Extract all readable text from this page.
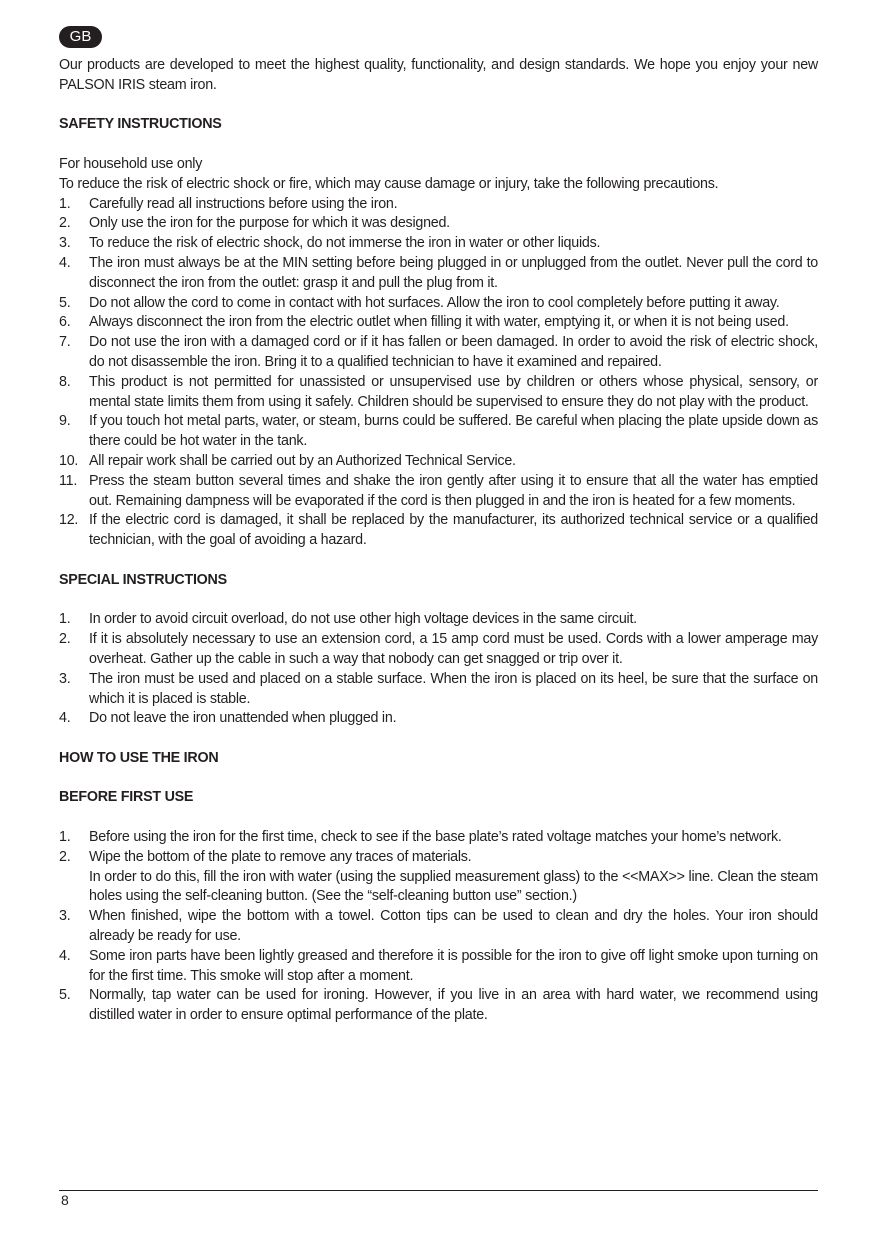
GB

Our products are developed to meet the highest quality, functionality, and design standards. We hope you enjoy your new PALSON IRIS steam iron.

SAFETY INSTRUCTIONS

For household use only

To reduce the risk of electric shock or fire, which may cause damage or injury, take the following precautions.

1. Carefully read all instructions before using the iron.
2. Only use the iron for the purpose for which it was designed.
3. To reduce the risk of electric shock, do not immerse the iron in water or other liquids.
4. The iron must always be at the MIN setting before being plugged in or unplugged from the outlet. Never pull the cord to disconnect the iron from the outlet: grasp it and pull the plug from it.
5. Do not allow the cord to come in contact with hot surfaces. Allow the iron to cool completely before putting it away.
6. Always disconnect the iron from the electric outlet when filling it with water, emptying it, or when it is not being used.
7. Do not use the iron with a damaged cord or if it has fallen or been damaged. In order to avoid the risk of electric shock, do not disassemble the iron. Bring it to a qualified technician to have it examined and repaired.
8. This product is not permitted for unassisted or unsupervised use by children or others whose physical, sensory, or mental state limits them from using it safely. Children should be supervised to ensure they do not play with the product.
9. If you touch hot metal parts, water, or steam, burns could be suffered. Be careful when placing the plate upside down as there could be hot water in the tank.
10. All repair work shall be carried out by an Authorized Technical Service.
11. Press the steam button several times and shake the iron gently after using it to ensure that all the water has emptied out. Remaining dampness will be evaporated if the cord is then plugged in and the iron is heated for a few moments.
12. If the electric cord is damaged, it shall be replaced by the manufacturer, its authorized technical service or a qualified technician, with the goal of avoiding a hazard.

SPECIAL INSTRUCTIONS

1. In order to avoid circuit overload, do not use other high voltage devices in the same circuit.
2. If it is absolutely necessary to use an extension cord, a 15 amp cord must be used. Cords with a lower amperage may overheat. Gather up the cable in such a way that nobody can get snagged or trip over it.
3. The iron must be used and placed on a stable surface. When the iron is placed on its heel, be sure that the surface on which it is placed is stable.
4. Do not leave the iron unattended when plugged in.

HOW TO USE THE IRON

BEFORE FIRST USE

1. Before using the iron for the first time, check to see if the base plate’s rated voltage matches your home’s network.
2. Wipe the bottom of the plate to remove any traces of materials.
In order to do this, fill the iron with water (using the supplied measurement glass) to the <<MAX>> line. Clean the steam holes using the self-cleaning button. (See the “self-cleaning button use” section.)
3. When finished, wipe the bottom with a towel. Cotton tips can be used to clean and dry the holes. Your iron should already be ready for use.
4. Some iron parts have been lightly greased and therefore it is possible for the iron to give off light smoke upon turning on for the first time. This smoke will stop after a moment.
5. Normally, tap water can be used for ironing. However, if you live in an area with hard water, we recommend using distilled water in order to ensure optimal performance of the plate.
8
